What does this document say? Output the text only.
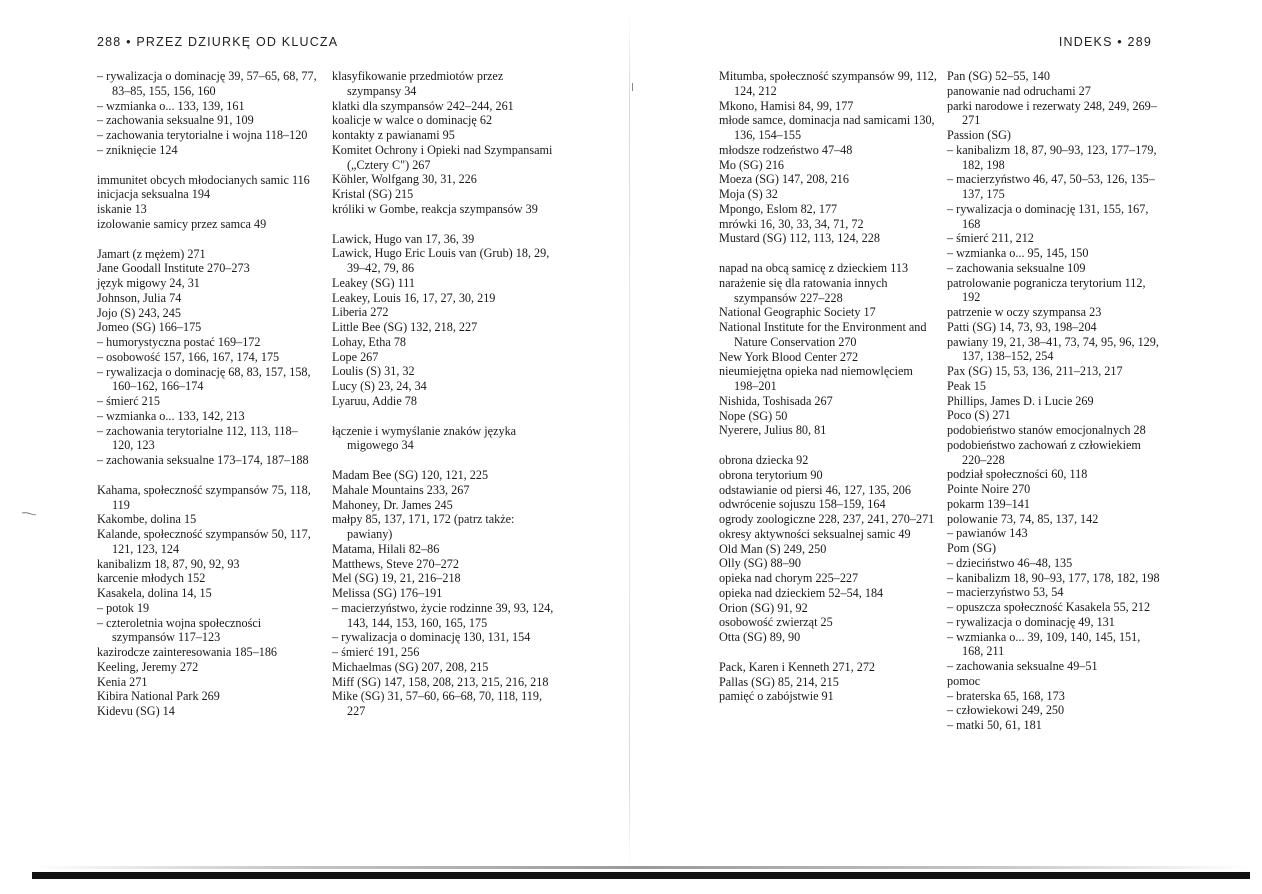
288 • PRZEZ DZIURKĘ OD KLUCZA
– rywalizacja o dominację 39, 57–65, 68, 77, 83–85, 155, 156, 160
– wzmianka o... 133, 139, 161
– zachowania seksualne 91, 109
– zachowania terytorialne i wojna 118–120
– zniknięcie 124
immunitet obcych młodocianych samic 116
inicjacja seksualna 194
iskanie 13
izolowanie samicy przez samca 49
Jamart (z mężem) 271
Jane Goodall Institute 270–273
język migowy 24, 31
Johnson, Julia 74
Jojo (S) 243, 245
Jomeo (SG) 166–175
– humorystyczna postać 169–172
– osobowość 157, 166, 167, 174, 175
– rywalizacja o dominację 68, 83, 157, 158, 160–162, 166–174
– śmierć 215
– wzmianka o... 133, 142, 213
– zachowania terytorialne 112, 113, 118–120, 123
– zachowania seksualne 173–174, 187–188
Kahama, społeczność szympansów 75, 118, 119
Kakombe, dolina 15
Kalande, społeczność szympansów 50, 117, 121, 123, 124
kanibalizm 18, 87, 90, 92, 93
karcenie młodych 152
Kasakela, dolina 14, 15
– potok 19
– czteroletnia wojna społeczności szympansów 117–123
kazirodcze zainteresowania 185–186
Keeling, Jeremy 272
Kenia 271
Kibira National Park 269
Kidevu (SG) 14
klasyfikowanie przedmiotów przez szympansy 34
klatki dla szympansów 242–244, 261
koalicje w walce o dominację 62
kontakty z pawianami 95
Komitet Ochrony i Opieki nad Szympansami („Cztery C") 267
Köhler, Wolfgang 30, 31, 226
Kristal (SG) 215
króliki w Gombe, reakcja szympansów 39
Lawick, Hugo van 17, 36, 39
Lawick, Hugo Eric Louis van (Grub) 18, 29, 39–42, 79, 86
Leakey (SG) 111
Leakey, Louis 16, 17, 27, 30, 219
Liberia 272
Little Bee (SG) 132, 218, 227
Lohay, Etha 78
Lope 267
Loulis (S) 31, 32
Lucy (S) 23, 24, 34
Lyaruu, Addie 78
łączenie i wymyślanie znaków języka migowego 34
Madam Bee (SG) 120, 121, 225
Mahale Mountains 233, 267
Mahoney, Dr. James 245
małpy 85, 137, 171, 172 (patrz także: pawiany)
Matama, Hilali 82–86
Matthews, Steve 270–272
Mel (SG) 19, 21, 216–218
Melissa (SG) 176–191
– macierzyństwo, życie rodzinne 39, 93, 124, 143, 144, 153, 160, 165, 175
– rywalizacja o dominację 130, 131, 154
– śmierć 191, 256
Michaelmas (SG) 207, 208, 215
Miff (SG) 147, 158, 208, 213, 215, 216, 218
Mike (SG) 31, 57–60, 66–68, 70, 118, 119, 227
INDEKS • 289
Mitumba, społeczność szympansów 99, 112, 124, 212
Mkono, Hamisi 84, 99, 177
młode samce, dominacja nad samicami 130, 136, 154–155
młodsze rodzeństwo 47–48
Mo (SG) 216
Moeza (SG) 147, 208, 216
Moja (S) 32
Mpongo, Eslom 82, 177
mrówki 16, 30, 33, 34, 71, 72
Mustard (SG) 112, 113, 124, 228
napad na obcą samicę z dzieckiem 113
narażenie się dla ratowania innych szympansów 227–228
National Geographic Society 17
National Institute for the Environment and Nature Conservation 270
New York Blood Center 272
nieumiejętna opieka nad niemowlęciem 198–201
Nishida, Toshisada 267
Nope (SG) 50
Nyerere, Julius 80, 81
obrona dziecka 92
obrona terytorium 90
odstawianie od piersi 46, 127, 135, 206
odwrócenie sojuszu 158–159, 164
ogrody zoologiczne 228, 237, 241, 270–271
okresy aktywności seksualnej samic 49
Old Man (S) 249, 250
Olly (SG) 88–90
opieka nad chorym 225–227
opieka nad dzieckiem 52–54, 184
Orion (SG) 91, 92
osobowość zwierząt 25
Otta (SG) 89, 90
Pack, Karen i Kenneth 271, 272
Pallas (SG) 85, 214, 215
pamięć o zabójstwie 91
Pan (SG) 52–55, 140
panowanie nad odruchami 27
parki narodowe i rezerwaty 248, 249, 269–271
Passion (SG)
– kanibalizm 18, 87, 90–93, 123, 177–179, 182, 198
– macierzyństwo 46, 47, 50–53, 126, 135–137, 175
– rywalizacja o dominację 131, 155, 167, 168
– śmierć 211, 212
– wzmianka o... 95, 145, 150
– zachowania seksualne 109
patrolowanie pogranicza terytorium 112, 192
patrzenie w oczy szympansa 23
Patti (SG) 14, 73, 93, 198–204
pawiany 19, 21, 38–41, 73, 74, 95, 96, 129, 137, 138–152, 254
Pax (SG) 15, 53, 136, 211–213, 217
Peak 15
Phillips, James D. i Lucie 269
Poco (S) 271
podobieństwo stanów emocjonalnych 28
podobieństwo zachowań z człowiekiem 220–228
podział społeczności 60, 118
Pointe Noire 270
pokarm 139–141
polowanie 73, 74, 85, 137, 142
– pawianów 143
Pom (SG)
– dzieciństwo 46–48, 135
– kanibalizm 18, 90–93, 177, 178, 182, 198
– macierzyństwo 53, 54
– opuszcza społeczność Kasakela 55, 212
– rywalizacja o dominację 49, 131
– wzmianka o... 39, 109, 140, 145, 151, 168, 211
– zachowania seksualne 49–51
pomoc
– braterska 65, 168, 173
– człowiekowi 249, 250
– matki 50, 61, 181
